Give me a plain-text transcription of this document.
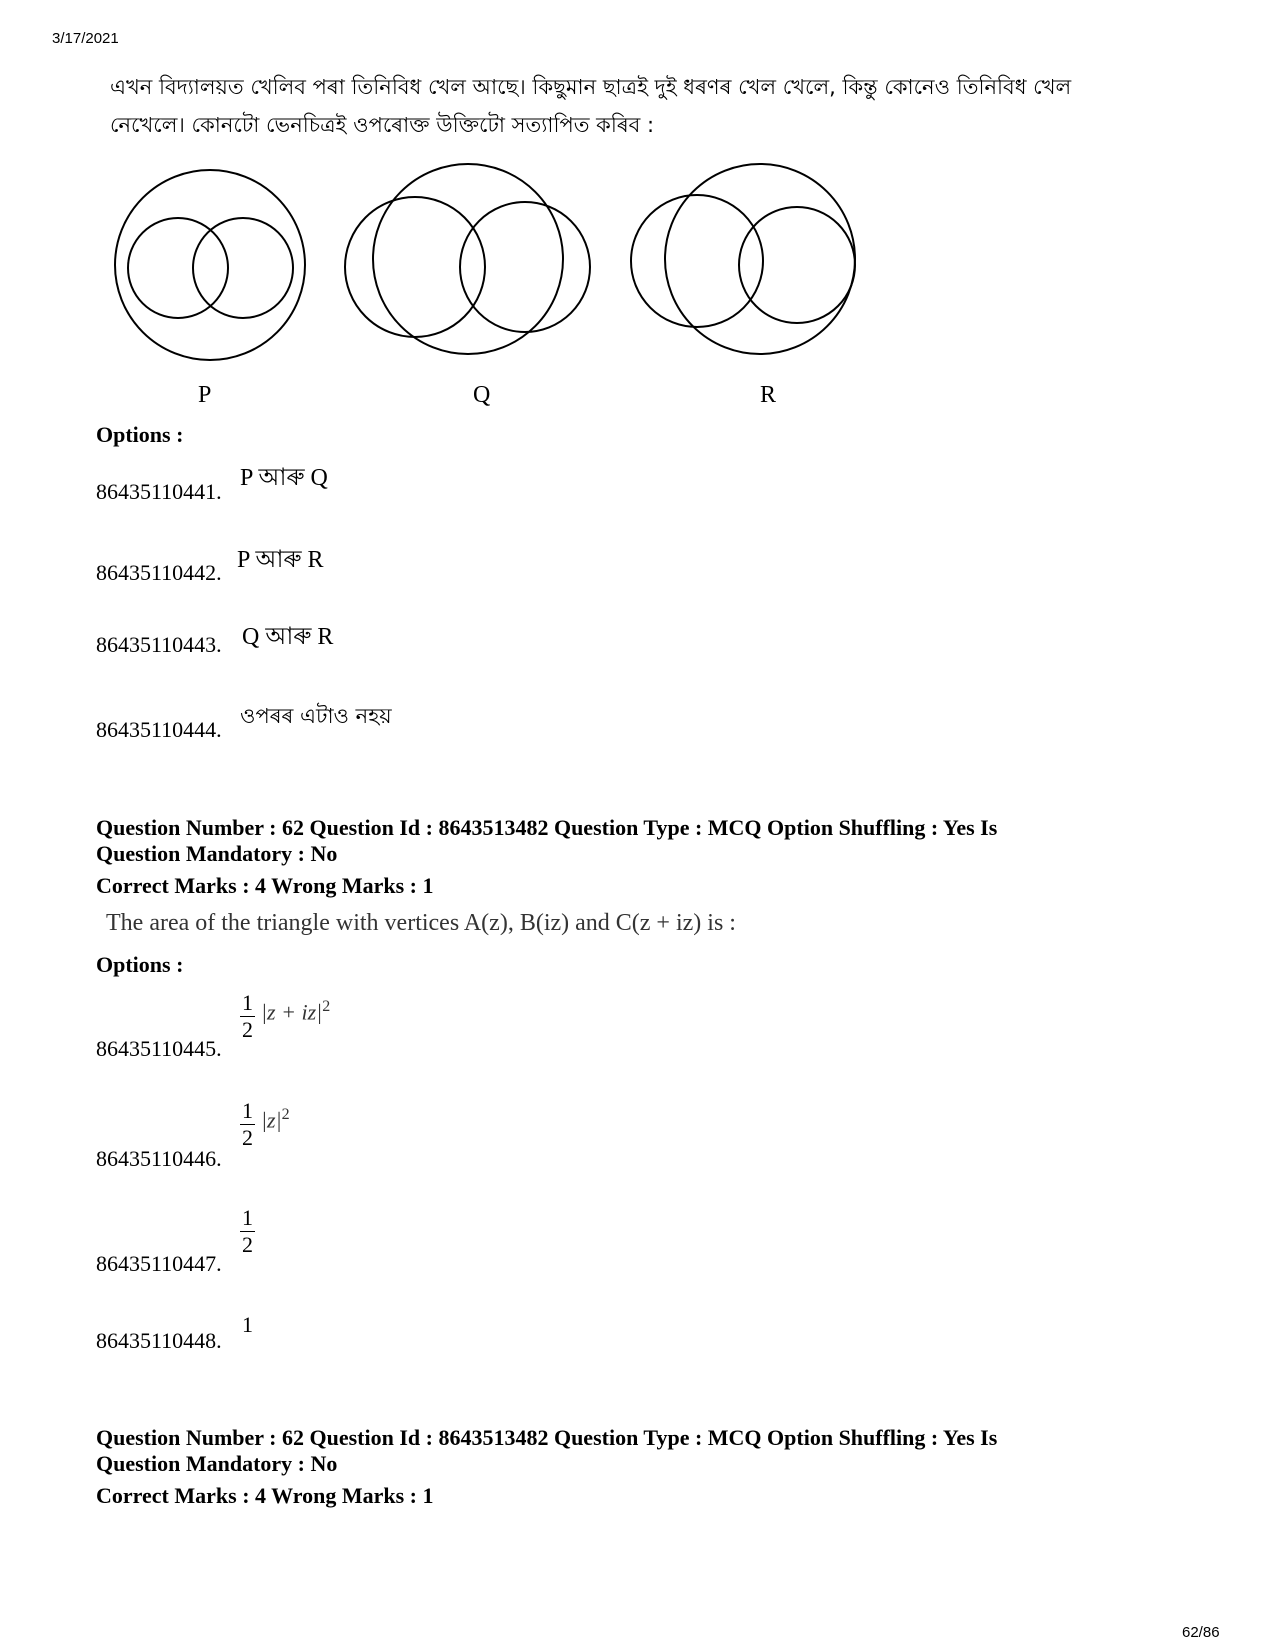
3/17/2021
এখন বিদ্যালয়ত খেলিব পৰা তিনিবিধ খেল আছে। কিছুমান ছাত্ৰই দুই ধৰণৰ খেল খেলে, কিন্তু কোনেও তিনিবিধ খেল
নেখেলে। কোনটো ভেনচিত্ৰই ওপৰোক্ত উক্তিটো সত্যাপিত কৰিব :
P	Q	R
Options :
86435110441.
P আৰু Q
86435110442. P আৰু R
86435110443. Q আৰু R
86435110444.
ওপৰৰ এটাও নহয়
Question Number : 62 Question Id : 8643513482 Question Type : MCQ Option Shuffling : Yes Is
Question Mandatory : No
Correct Marks : 4 Wrong Marks : 1
The area of the triangle with vertices A(z), B(iz) and C(z + iz) is :
Options :
86435110445.
$\frac{1}{2} |z + iz|^2$
86435110446.
$\frac{1}{2} |z|^2$
86435110447.
$\frac{1}{2}$
86435110448.
1
Question Number : 62 Question Id : 8643513482 Question Type : MCQ Option Shuffling : Yes Is
Question Mandatory : No
Correct Marks : 4 Wrong Marks : 1
62/86
